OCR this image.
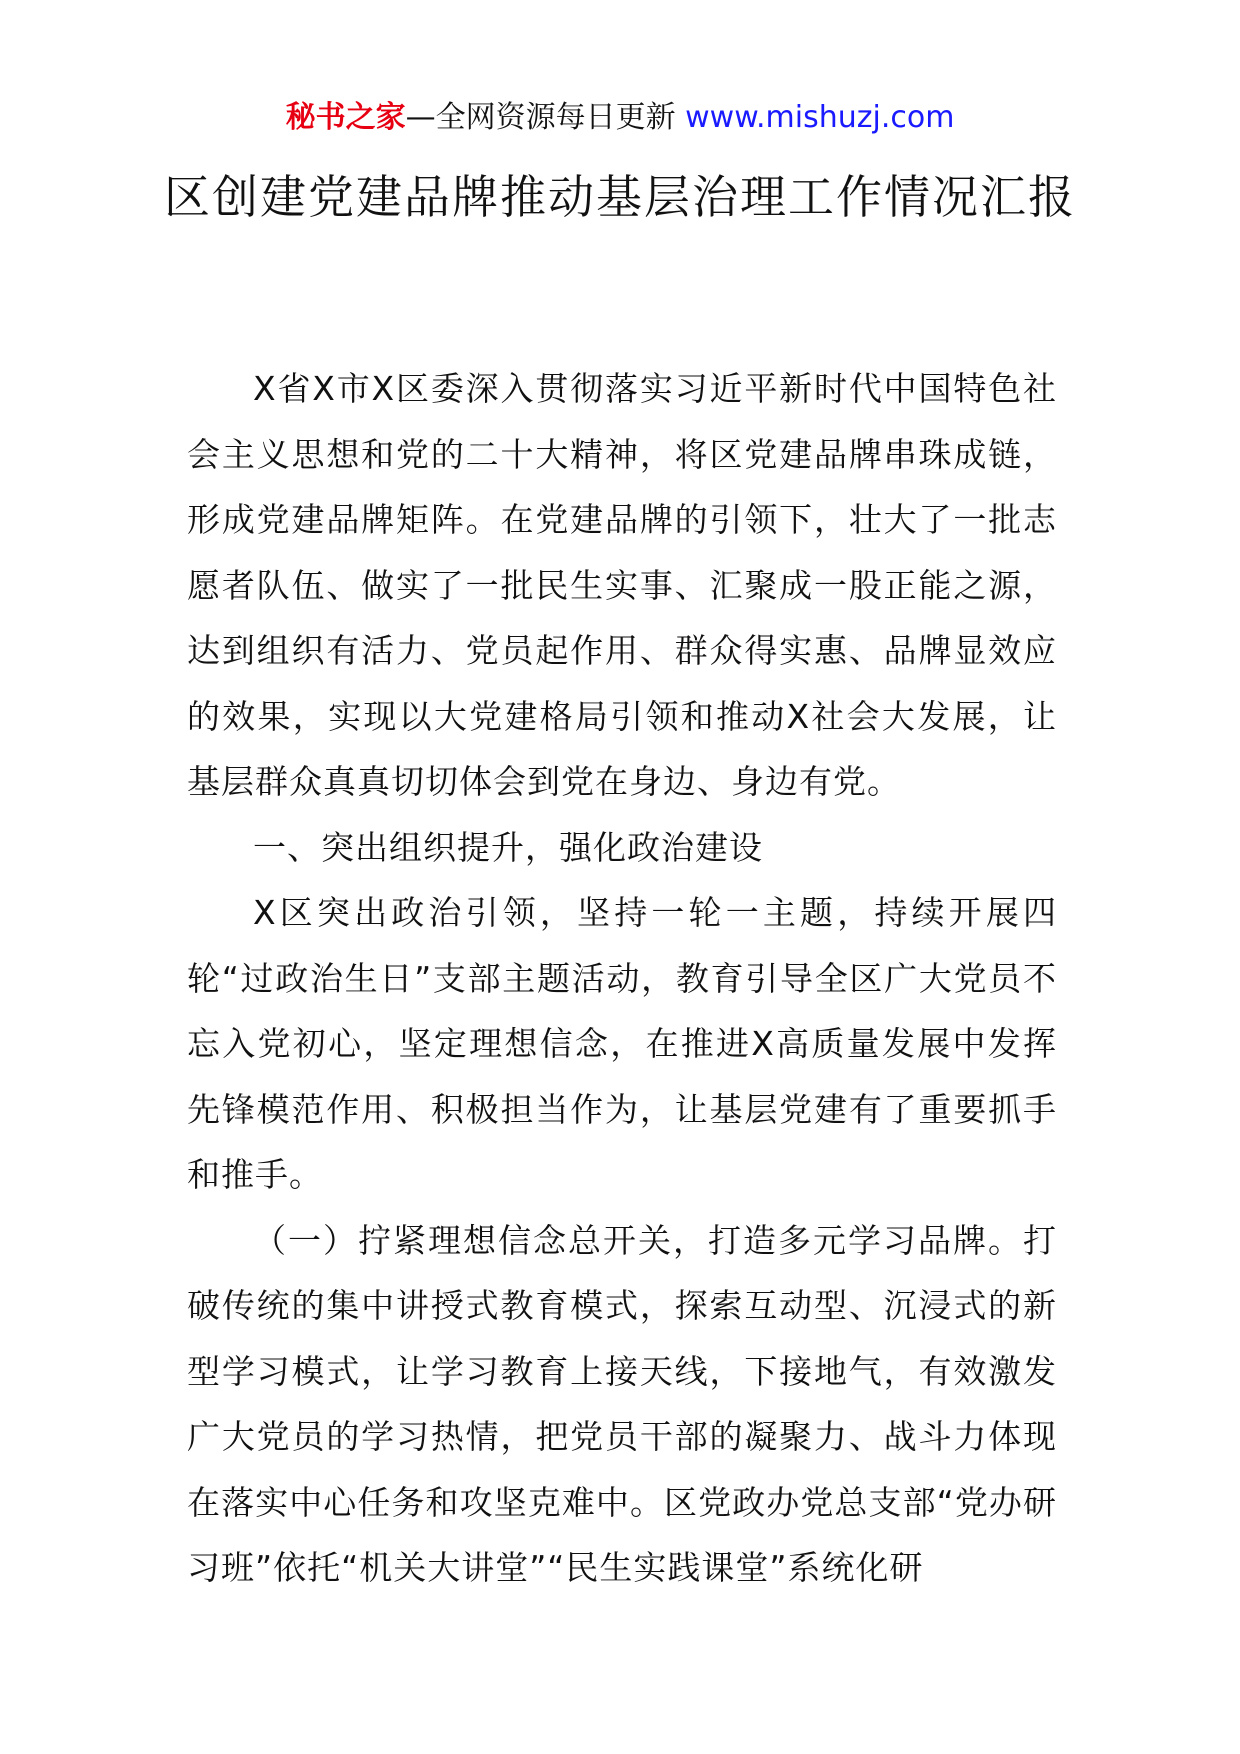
秘书之家—全网资源每日更新 www.mishuzj.com
区创建党建品牌推动基层治理工作情况汇报

X省X市X区委深入贯彻落实习近平新时代中国特色社会主义思想和党的二十大精神，将区党建品牌串珠成链，形成党建品牌矩阵。在党建品牌的引领下，壮大了一批志愿者队伍、做实了一批民生实事、汇聚成一股正能之源，达到组织有活力、党员起作用、群众得实惠、品牌显效应的效果，实现以大党建格局引领和推动X社会大发展，让基层群众真真切切体会到党在身边、身边有党。

一、突出组织提升，强化政治建设

X区突出政治引领，坚持一轮一主题，持续开展四轮“过政治生日”支部主题活动，教育引导全区广大党员不忘入党初心，坚定理想信念，在推进X高质量发展中发挥先锋模范作用、积极担当作为，让基层党建有了重要抓手和推手。

（一）拧紧理想信念总开关，打造多元学习品牌。打破传统的集中讲授式教育模式，探索互动型、沉浸式的新型学习模式，让学习教育上接天线，下接地气，有效激发广大党员的学习热情，把党员干部的凝聚力、战斗力体现在落实中心任务和攻坚克难中。区党政办党总支部“党办研习班”依托“机关大讲堂”“民生实践课堂”系统化研
